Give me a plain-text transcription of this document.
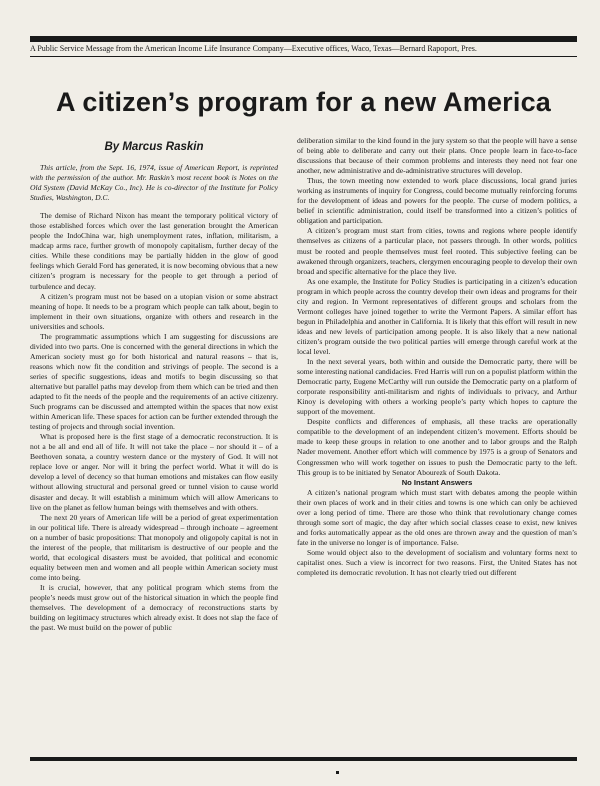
A Public Service Message from the American Income Life Insurance Company—Executive offices, Waco, Texas—Bernard Rapoport, Pres.
A citizen’s program for a new America
By Marcus Raskin

This article, from the Sept. 16, 1974, issue of American Report, is reprinted with the permission of the author. Mr. Raskin’s most recent book is Notes on the Old System (David McKay Co., Inc). He is co-director of the Institute for Policy Studies, Washington, D.C.

The demise of Richard Nixon has meant the temporary political victory of those established forces which over the last generation brought the American people the IndoChina war, high unemployment rates, inflation, militarism, a madcap arms race, further growth of monopoly capitalism, further decay of the cities. While these conditions may be partially hidden in the glow of good feelings which Gerald Ford has generated, it is now becoming obvious that a new citizen’s program is necessary for the people to get through a period of turbulence and decay.

A citizen’s program must not be based on a utopian vision or some abstract meaning of hope. It needs to be a program which people can talk about, begin to implement in their own situations, organize with others and research in the universities and schools.

The programmatic assumptions which I am suggesting for discussions are divided into two parts. One is concerned with the general directions in which the American society must go for both historical and natural reasons – that is, reasons which now fit the condition and strivings of people. The second is a series of specific suggestions, ideas and motifs to begin discussing so that alternative but parallel paths may develop from them which can be tried and then adapted to fit the needs of the people and the requirements of an active citizenry. Such programs can be discussed and attempted within the spaces that now exist within American life. These spaces for action can be further extended through the testing of projects and through social invention.

What is proposed here is the first stage of a democratic reconstruction. It is not a be all and end all of life. It will not take the place – nor should it – of a Beethoven sonata, a country western dance or the mystery of God. It will not replace love or anger. Nor will it bring the perfect world. What it will do is develop a level of decency so that human emotions and mistakes can flow easily without allowing structural and personal greed or tunnel vision to cause world disaster and decay. It will establish a minimum which will allow Americans to live on the planet as fellow human beings with themselves and with others.

The next 20 years of American life will be a period of great experimentation in our political life. There is already widespread – through inchoate – agreement on a number of basic propositions: That monopoly and oligopoly capital is not in the interest of the people, that militarism is destructive of our people and the world, that ecological disasters must be avoided, that political and economic equality between men and women and all people within American society must come into being.

It is crucial, however, that any political program which stems from the people’s needs must grow out of the historical situation in which the people find themselves. The development of a democracy of reconstructions starts by building on legitimacy structures which already exist. It does not slap the face of the past. We must build on the power of public

deliberation similar to the kind found in the jury system so that the people will have a sense of being able to deliberate and carry out their plans. Once people learn in face-to-face discussions that because of their common problems and interests they need not fear one another, new administrative and de-administrative structures will develop.

Thus, the town meeting now extended to work place discussions, local grand juries working as instruments of inquiry for Congress, could become mutually reinforcing forums for the development of ideas and powers for the people. The curse of modern politics, a belief in scientific administration, could itself be transformed into a citizen’s politics of obligation and participation.

A citizen’s program must start from cities, towns and regions where people identify themselves as citizens of a particular place, not passers through. In other words, politics must be rooted and people themselves must feel rooted. This subjective feeling can be awakened through organizers, teachers, clergymen encouraging people to develop their own broad and specific alternative for the place they live.

As one example, the Institute for Policy Studies is participating in a citizen’s education program in which people across the country develop their own ideas and programs for their city and region. In Vermont representatives of different groups and scholars from the Vermont colleges have joined together to write the Vermont Papers. A similar effort has begun in Philadelphia and another in California. It is likely that this effort will result in new ideas and new levels of participation among people. It is also likely that a new national citizen’s program outside the two political parties will emerge through careful work at the local level.

In the next several years, both within and outside the Democratic party, there will be some interesting national candidacies. Fred Harris will run on a populist platform within the Democratic party, Eugene McCarthy will run outside the Democratic party on a platform of corporate responsibility anti-militarism and rights of individuals to privacy, and Arthur Kinoy is developing with others a working people’s party which hopes to capture the support of the movement.

Despite conflicts and differences of emphasis, all these tracks are operationally compatible to the development of an independent citizen’s movement. Efforts should be made to keep these groups in relation to one another and to labor groups and the Ralph Nader movement. Another effort which will commence by 1975 is a group of Senators and Congressmen who will work together on issues to push the Democratic party to the left. This group is to be initiated by Senator Abourezk of South Dakota.

No Instant Answers

A citizen’s national program which must start with debates among the people within their own places of work and in their cities and towns is one which can only be achieved over a long period of time. There are those who think that revolutionary change comes through some sort of magic, the day after which social classes cease to exist, new knives and forks automatically appear as the old ones are thrown away and the question of man’s fate in the universe no longer is of importance. False.

Some would object also to the development of socialism and voluntary forms next to capitalist ones. Such a view is incorrect for two reasons. First, the United States has not completed its democratic revolution. It has not clearly tried out different
